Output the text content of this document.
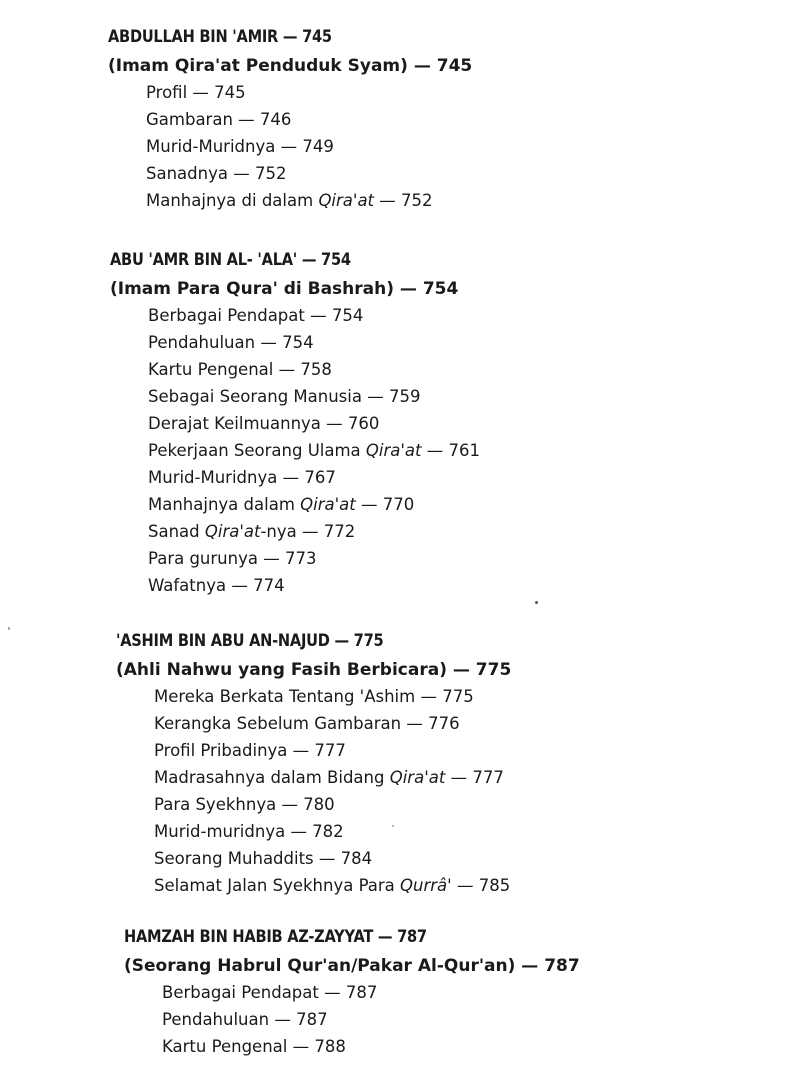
ABDULLAH BIN 'AMIR — 745
(Imam Qira'at Penduduk Syam) — 745
Profil — 745
Gambaran — 746
Murid-Muridnya — 749
Sanadnya — 752
Manhajnya di dalam Qira'at — 752
ABU 'AMR BIN AL- 'ALA' — 754
(Imam Para Qura' di Bashrah) — 754
Berbagai Pendapat — 754
Pendahuluan — 754
Kartu Pengenal — 758
Sebagai Seorang Manusia — 759
Derajat Keilmuannya — 760
Pekerjaan Seorang Ulama Qira'at — 761
Murid-Muridnya — 767
Manhajnya dalam Qira'at — 770
Sanad Qira'at-nya — 772
Para gurunya — 773
Wafatnya — 774
'ASHIM BIN ABU AN-NAJUD — 775
(Ahli Nahwu yang Fasih Berbicara) — 775
Mereka Berkata Tentang 'Ashim — 775
Kerangka Sebelum Gambaran — 776
Profil Pribadinya — 777
Madrasahnya dalam Bidang Qira'at — 777
Para Syekhnya — 780
Murid-muridnya — 782
Seorang Muhaddits — 784
Selamat Jalan Syekhnya Para Qurrâ' — 785
HAMZAH BIN HABIB AZ-ZAYYAT — 787
(Seorang Habrul Qur'an/Pakar Al-Qur'an) — 787
Berbagai Pendapat — 787
Pendahuluan — 787
Kartu Pengenal — 788
